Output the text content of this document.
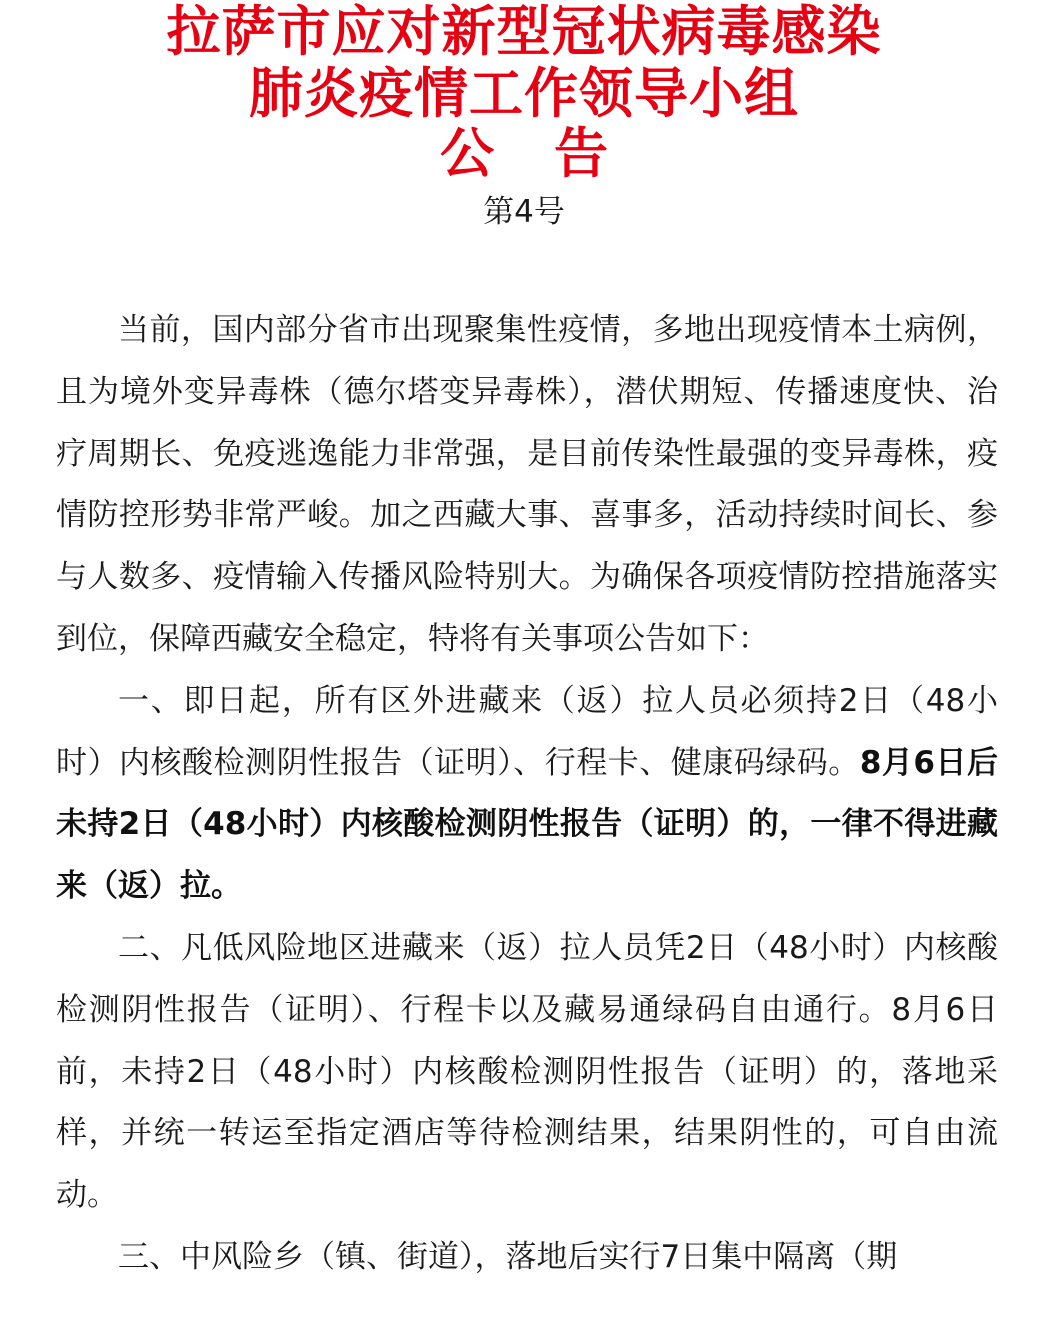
拉萨市应对新型冠状病毒感染
肺炎疫情工作领导小组
公告
第4号

当前，国内部分省市出现聚集性疫情，多地出现疫情本土病例，且为境外变异毒株（德尔塔变异毒株），潜伏期短、传播速度快、治疗周期长、免疫逃逸能力非常强，是目前传染性最强的变异毒株，疫情防控形势非常严峻。加之西藏大事、喜事多，活动持续时间长、参与人数多、疫情输入传播风险特别大。为确保各项疫情防控措施落实到位，保障西藏安全稳定，特将有关事项公告如下：

一、即日起，所有区外进藏来（返）拉人员必须持2日（48小时）内核酸检测阴性报告（证明）、行程卡、健康码绿码。8月6日后未持2日（48小时）内核酸检测阴性报告（证明）的，一律不得进藏来（返）拉。

二、凡低风险地区进藏来（返）拉人员凭2日（48小时）内核酸检测阴性报告（证明）、行程卡以及藏易通绿码自由通行。8月6日前，未持2日（48小时）内核酸检测阴性报告（证明）的，落地采样，并统一转运至指定酒店等待检测结果，结果阴性的，可自由流动。

三、中风险乡（镇、街道），落地后实行7日集中隔离（期
